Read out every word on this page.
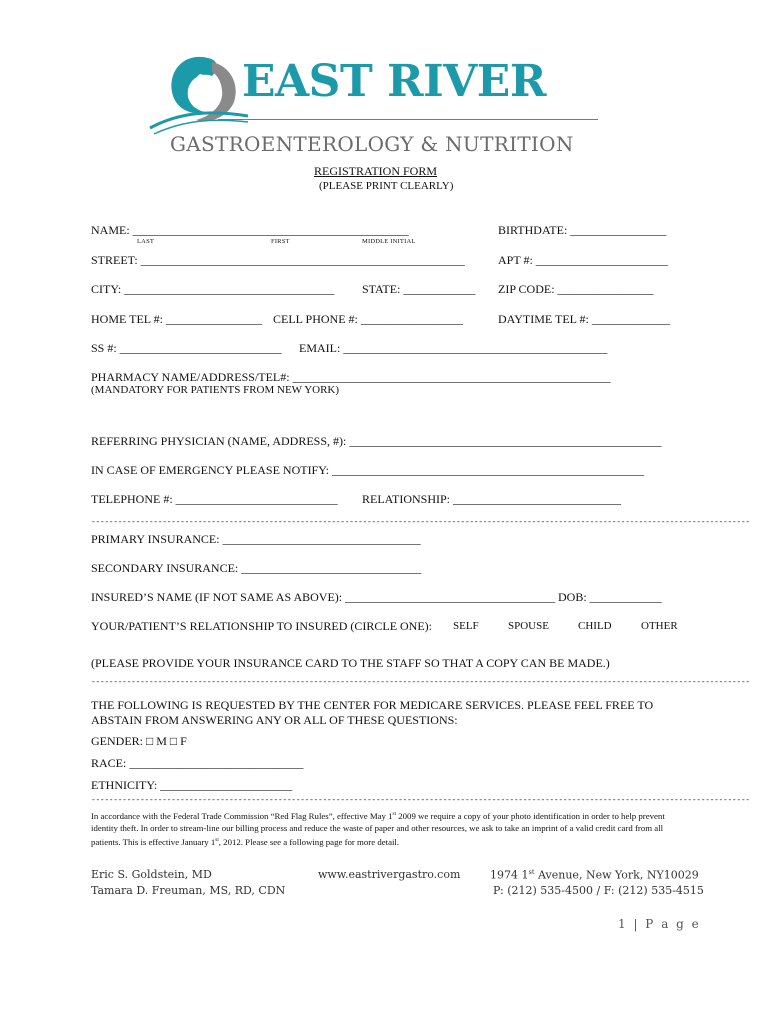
EAST RIVER
GASTROENTEROLOGY & NUTRITION
REGISTRATION FORM
(PLEASE PRINT CLEARLY)
NAME: ______________________________________________
LAST	FIRST	MIDDLE INITIAL
BIRTHDATE: ________________
STREET: ______________________________________________________	APT #: ______________________
CITY: ___________________________________ STATE: ____________ ZIP CODE: ________________
HOME TEL #: ________________ CELL PHONE #: _________________	DAYTIME TEL #: _____________
SS #: ___________________________ EMAIL: ____________________________________________
PHARMACY NAME/ADDRESS/TEL#: _____________________________________________________
(MANDATORY FOR PATIENTS FROM NEW YORK)
REFERRING PHYSICIAN (NAME, ADDRESS, #): ____________________________________________________
IN CASE OF EMERGENCY PLEASE NOTIFY: ____________________________________________________
TELEPHONE #: ___________________________ RELATIONSHIP: ____________________________
----------------------------------------------------------------------------------------------------------------------------------------------------
PRIMARY INSURANCE: _________________________________
SECONDARY INSURANCE: ______________________________
INSURED’S NAME (IF NOT SAME AS ABOVE): ___________________________________ DOB: ____________
YOUR/PATIENT’S RELATIONSHIP TO INSURED (CIRCLE ONE): SELF	SPOUSE	CHILD	OTHER
(PLEASE PROVIDE YOUR INSURANCE CARD TO THE STAFF SO THAT A COPY CAN BE MADE.)
----------------------------------------------------------------------------------------------------------------------------------------------------
THE FOLLOWING IS REQUESTED BY THE CENTER FOR MEDICARE SERVICES. PLEASE FEEL FREE TO
ABSTAIN FROM ANSWERING ANY OR ALL OF THESE QUESTIONS:
GENDER: □ M □ F
RACE: _____________________________
ETHNICITY: ______________________
----------------------------------------------------------------------------------------------------------------------------------------------------
In accordance with the Federal Trade Commission “Red Flag Rules”, effective May 1st 2009 we require a copy of your photo identification in order to help prevent identity theft. In order to stream-line our billing process and reduce the waste of paper and other resources, we ask to take an imprint of a valid credit card from all patients. This is effective January 1st, 2012. Please see a following page for more detail.
Eric S. Goldstein, MD
Tamara D. Freuman, MS, RD, CDN
www.eastrivergastro.com	1974 1st Avenue, New York, NY10029
P: (212) 535-4500 / F: (212) 535-4515
1 | P a g e
